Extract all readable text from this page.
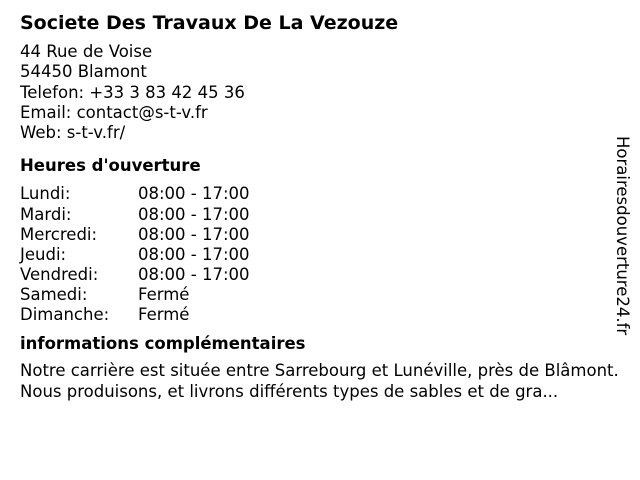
Societe Des Travaux De La Vezouze
44 Rue de Voise
54450 Blamont
Telefon: +33 3 83 42 45 36
Email: contact@s-t-v.fr
Web: s-t-v.fr/
Heures d'ouverture
Lundi:	08:00 - 17:00
Mardi:	08:00 - 17:00
Mercredi:	08:00 - 17:00
Jeudi:	08:00 - 17:00
Vendredi:	08:00 - 17:00
Samedi:	Fermé
Dimanche:	Fermé
informations complémentaires
Notre carrière est située entre Sarrebourg et Lunéville, près de Blâmont. Nous produisons, et livrons différents types de sables et de gra...
Horairesdouverture24.fr
